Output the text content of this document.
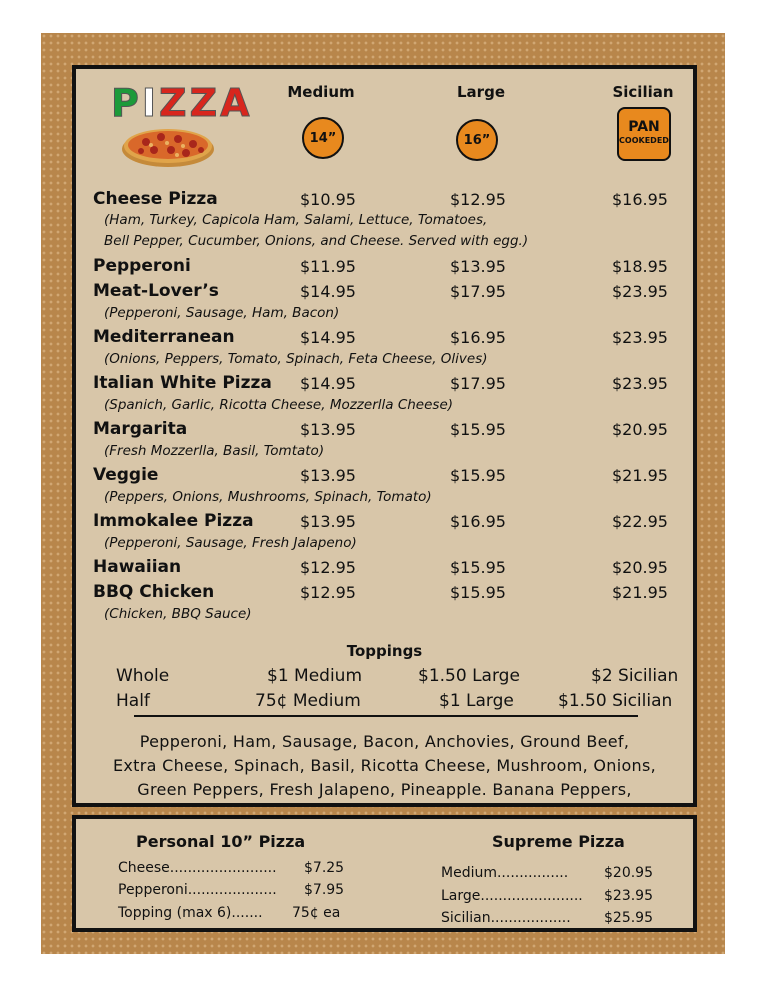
PIZZA	Medium	Large	Sicilian
14”	16”
PAN
COOKEDED
Cheese Pizza	$10.95	$12.95	$16.95
(Ham, Turkey, Capicola Ham, Salami, Lettuce, Tomatoes,
Bell Pepper, Cucumber, Onions, and Cheese. Served with egg.)
Pepperoni	$11.95	$13.95	$18.95
Meat-Lover’s	$14.95	$17.95	$23.95
(Pepperoni, Sausage, Ham, Bacon)
Mediterranean	$14.95	$16.95	$23.95
(Onions, Peppers, Tomato, Spinach, Feta Cheese, Olives)
Italian White Pizza $14.95	$17.95	$23.95
(Spanich, Garlic, Ricotta Cheese, Mozzerlla Cheese)
Margarita	$13.95	$15.95	$20.95
(Fresh Mozzerlla, Basil, Tomtato)
Veggie	$13.95	$15.95	$21.95
(Peppers, Onions, Mushrooms, Spinach, Tomato)
Immokalee Pizza	$13.95	$16.95	$22.95
(Pepperoni, Sausage, Fresh Jalapeno)
Hawaiian	$12.95	$15.95	$20.95
BBQ Chicken	$12.95	$15.95	$21.95
(Chicken, BBQ Sauce)
Toppings
Whole	$1 Medium	$1.50 Large	$2 Sicilian
Half	75¢ Medium	$1 Large	$1.50 Sicilian
Pepperoni, Ham, Sausage, Bacon, Anchovies, Ground Beef,
Extra Cheese, Spinach, Basil, Ricotta Cheese, Mushroom, Onions,
Green Peppers, Fresh Jalapeno, Pineapple. Banana Peppers,
Personal 10” Pizza
Cheese........................ $7.25
Pepperoni.................... $7.95
Topping (max 6)....... 75¢ ea
Supreme Pizza
Medium................	$20.95
Large....................... $23.95
Sicilian.................. $25.95
